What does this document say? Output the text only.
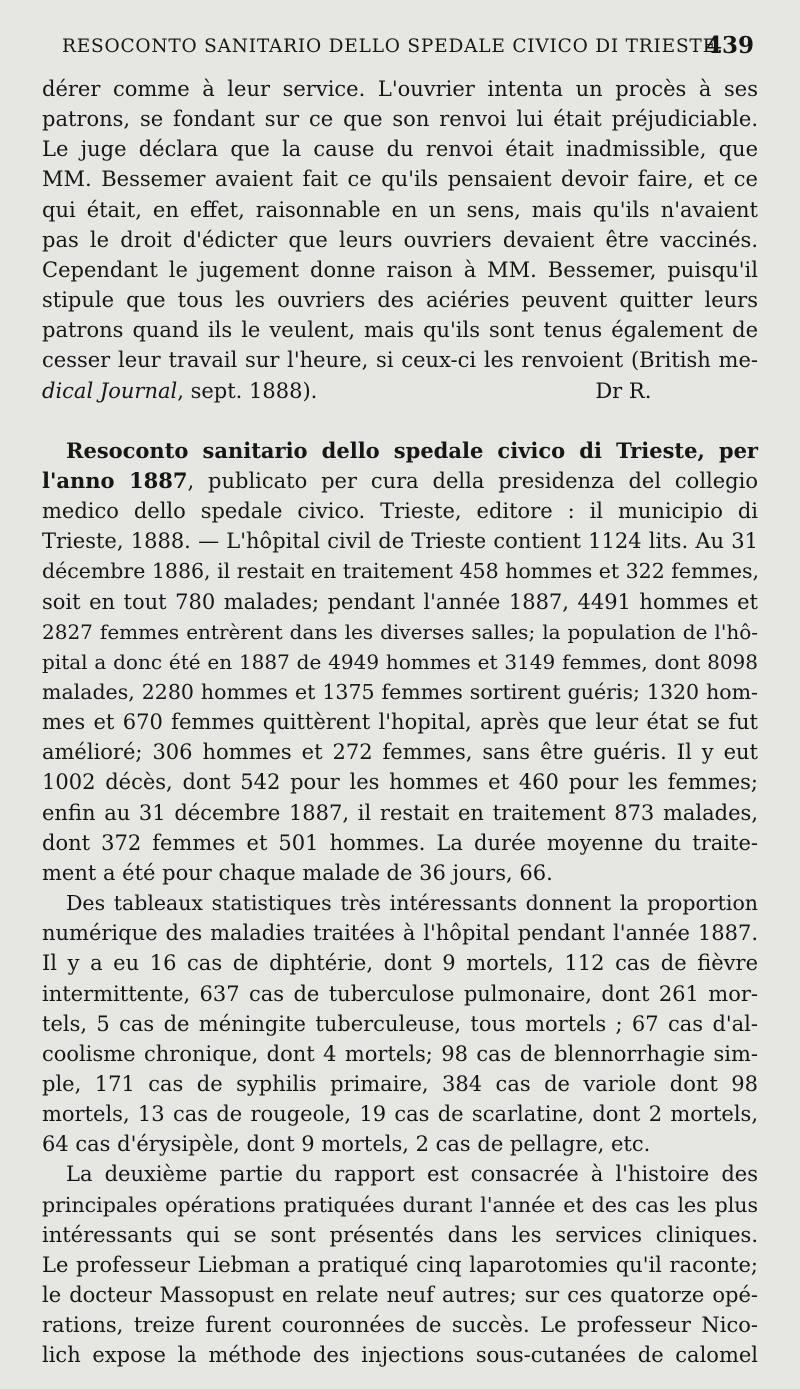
RESOCONTO SANITARIO DELLO SPEDALE CIVICO DI TRIESTE.
439
dérer comme à leur service. L'ouvrier intenta un procès à ses
patrons, se fondant sur ce que son renvoi lui était préjudiciable.
Le juge déclara que la cause du renvoi était inadmissible, que
MM. Bessemer avaient fait ce qu'ils pensaient devoir faire, et ce
qui était, en effet, raisonnable en un sens, mais qu'ils n'avaient
pas le droit d'édicter que leurs ouvriers devaient être vaccinés.
Cependant le jugement donne raison à MM. Bessemer, puisqu'il
stipule que tous les ouvriers des aciéries peuvent quitter leurs
patrons quand ils le veulent, mais qu'ils sont tenus également de
cesser leur travail sur l'heure, si ceux-ci les renvoient (British me-
dical Journal, sept. 1888).	Dr R.
Resoconto sanitario dello spedale civico di Trieste, per
l'anno 1887, publicato per cura della presidenza del collegio
medico dello spedale civico. Trieste, editore : il municipio di
Trieste, 1888. — L'hôpital civil de Trieste contient 1124 lits. Au 31
décembre 1886, il restait en traitement 458 hommes et 322 femmes,
soit en tout 780 malades; pendant l'année 1887, 4491 hommes et
2827 femmes entrèrent dans les diverses salles; la population de l'hô-
pital a donc été en 1887 de 4949 hommes et 3149 femmes, dont 8098
malades, 2280 hommes et 1375 femmes sortirent guéris; 1320 hom-
mes et 670 femmes quittèrent l'hopital, après que leur état se fut
amélioré; 306 hommes et 272 femmes, sans être guéris. Il y eut
1002 décès, dont 542 pour les hommes et 460 pour les femmes;
enfin au 31 décembre 1887, il restait en traitement 873 malades,
dont 372 femmes et 501 hommes. La durée moyenne du traite-
ment a été pour chaque malade de 36 jours, 66.
Des tableaux statistiques très intéressants donnent la proportion
numérique des maladies traitées à l'hôpital pendant l'année 1887.
Il y a eu 16 cas de diphtérie, dont 9 mortels, 112 cas de fièvre
intermittente, 637 cas de tuberculose pulmonaire, dont 261 mor-
tels, 5 cas de méningite tuberculeuse, tous mortels ; 67 cas d'al-
coolisme chronique, dont 4 mortels; 98 cas de blennorrhagie sim-
ple, 171 cas de syphilis primaire, 384 cas de variole dont 98
mortels, 13 cas de rougeole, 19 cas de scarlatine, dont 2 mortels,
64 cas d'érysipèle, dont 9 mortels, 2 cas de pellagre, etc.
La deuxième partie du rapport est consacrée à l'histoire des
principales opérations pratiquées durant l'année et des cas les plus
intéressants qui se sont présentés dans les services cliniques.
Le professeur Liebman a pratiqué cinq laparotomies qu'il raconte;
le docteur Massopust en relate neuf autres; sur ces quatorze opé-
rations, treize furent couronnées de succès. Le professeur Nico-
lich expose la méthode des injections sous-cutanées de calomel
